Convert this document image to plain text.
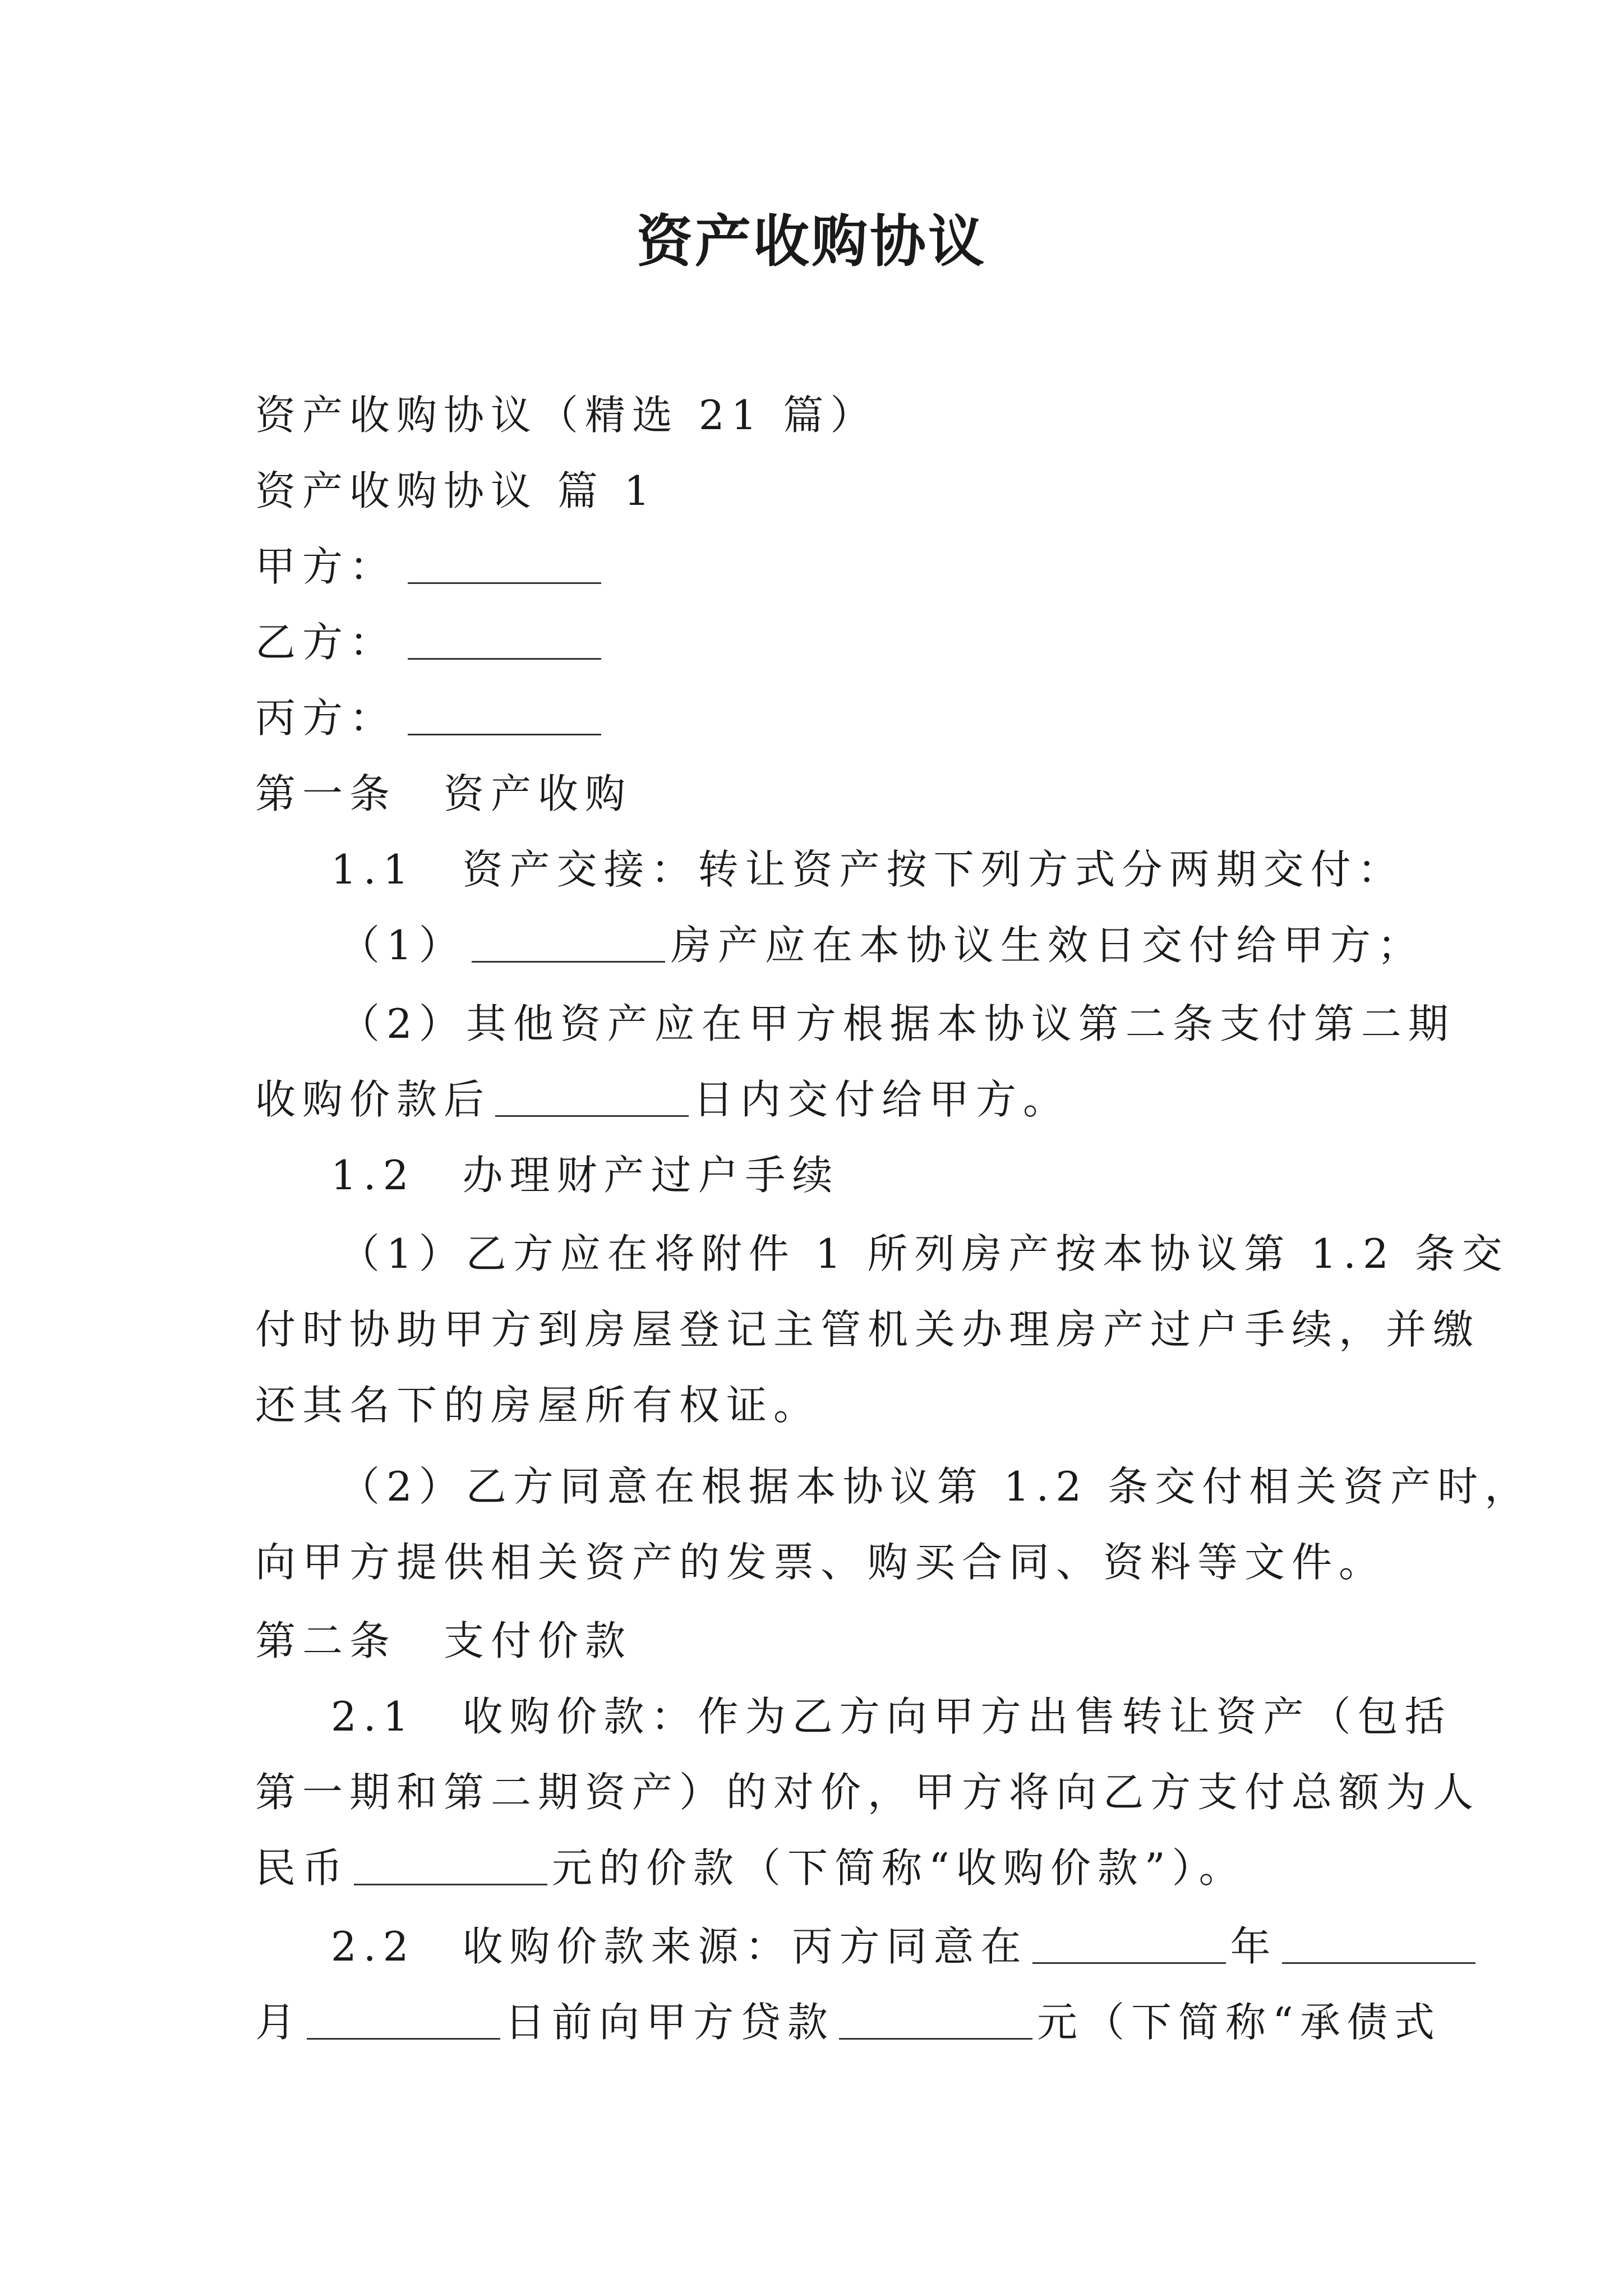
资产收购协议
资产收购协议（精选 21 篇）
资产收购协议 篇 1
甲方：
乙方：
丙方：
第一条　资产收购
1.1　资产交接：转让资产按下列方式分两期交付：
（1）	房产应在本协议生效日交付给甲方；
（2）其他资产应在甲方根据本协议第二条支付第二期
收购价款后	日内交付给甲方。
1.2　办理财产过户手续
（1）乙方应在将附件 1 所列房产按本协议第 1.2 条交
付时协助甲方到房屋登记主管机关办理房产过户手续，并缴
还其名下的房屋所有权证。
（2）乙方同意在根据本协议第 1.2 条交付相关资产时，
向甲方提供相关资产的发票、购买合同、资料等文件。
第二条　支付价款
2.1　收购价款：作为乙方向甲方出售转让资产（包括
第一期和第二期资产）的对价，甲方将向乙方支付总额为人
民币	元的价款（下简称“收购价款”）。
2.2　收购价款来源：丙方同意在	年
月	日前向甲方贷款	元（下简称“承债式
